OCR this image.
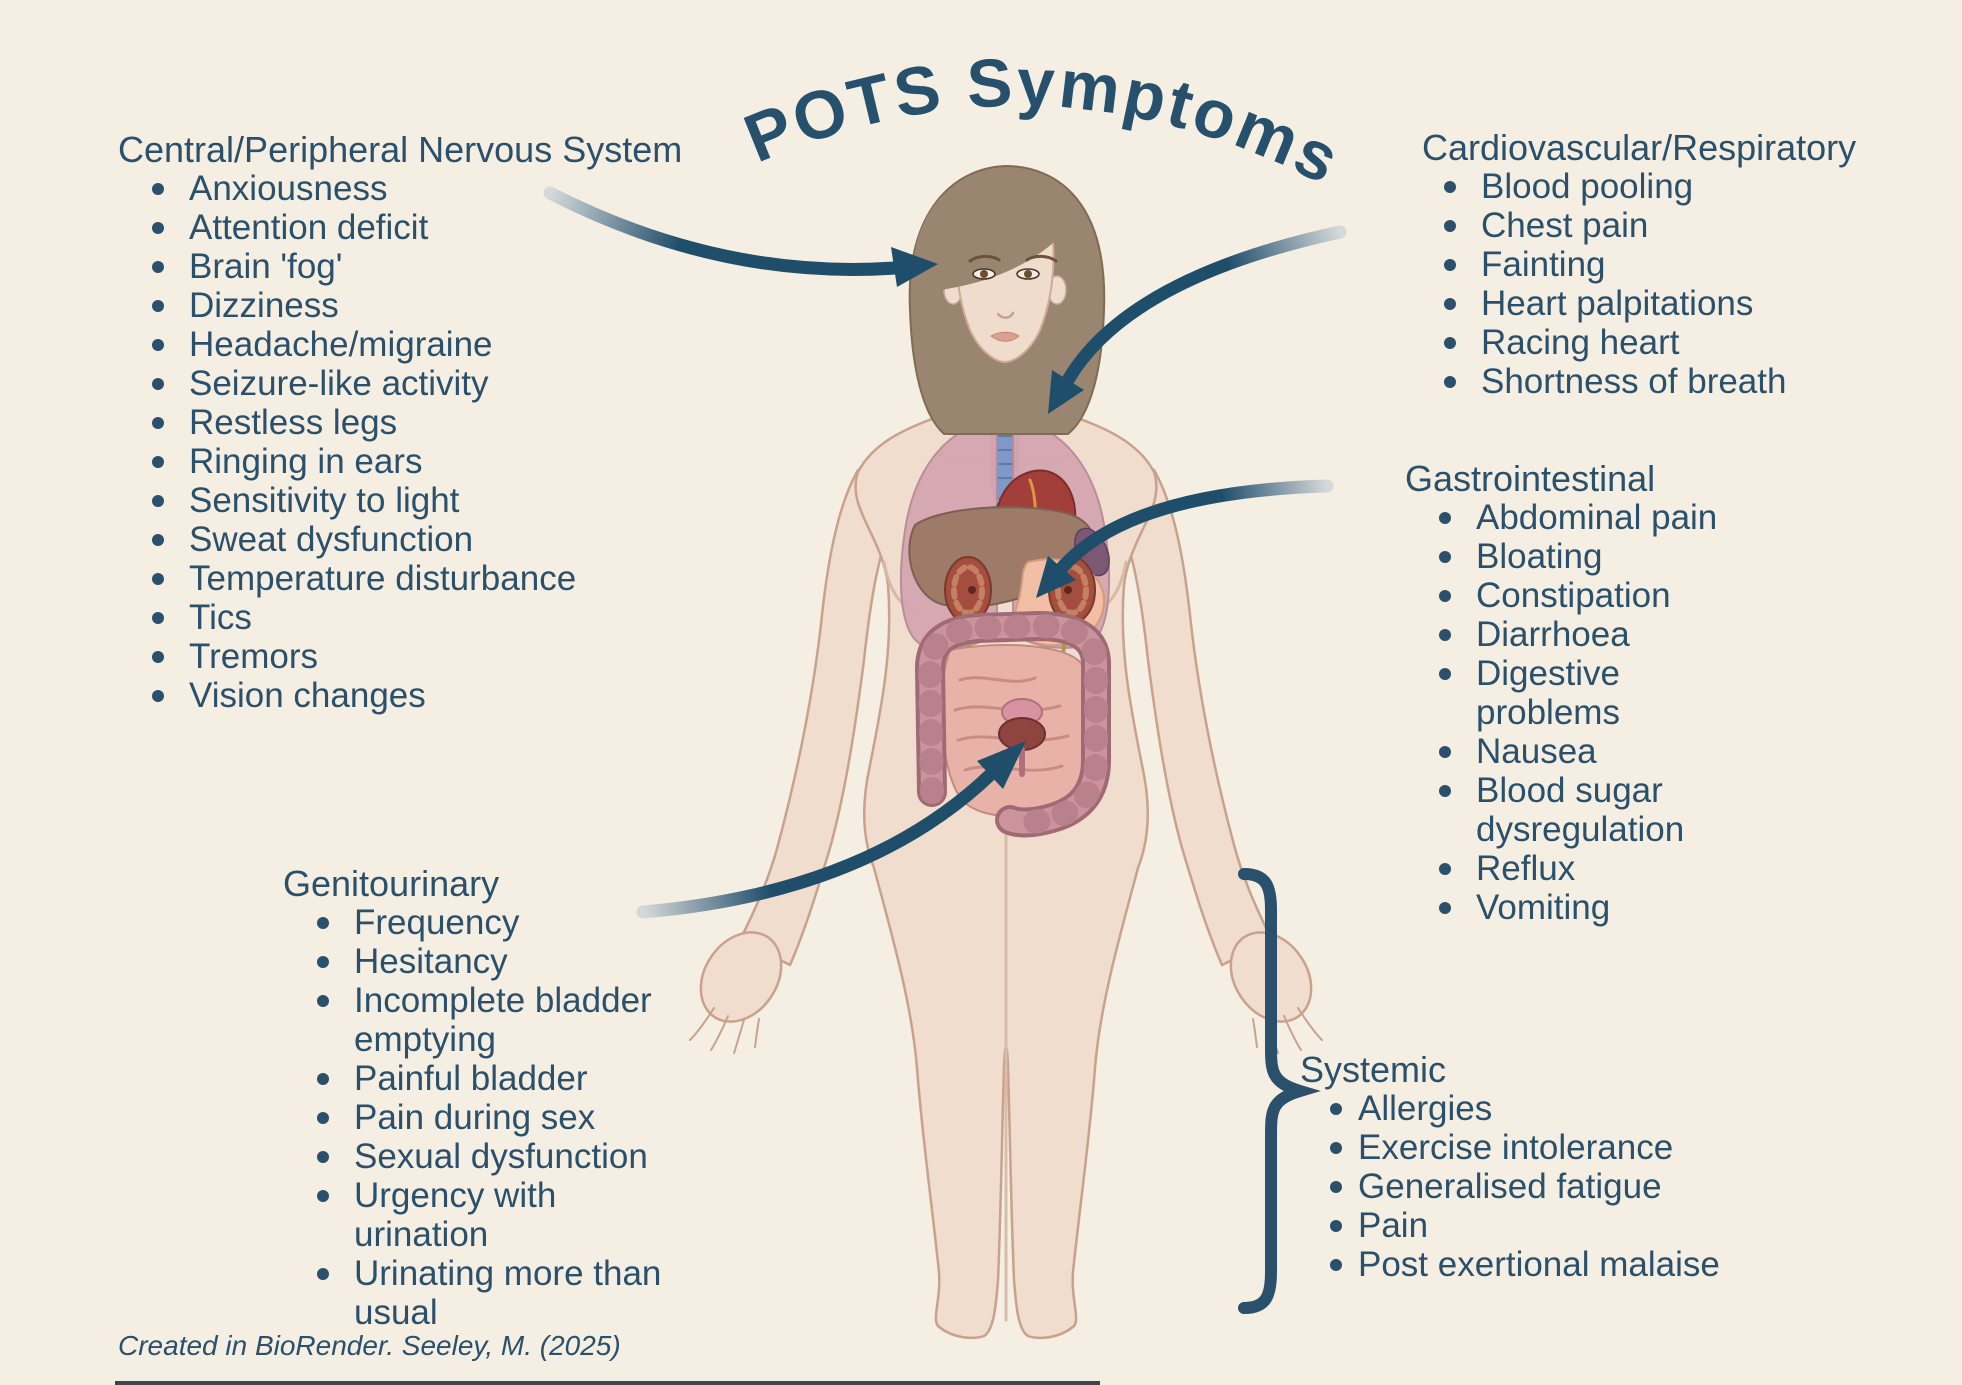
POTS Symptoms
Central/Peripheral Nervous System
Anxiousness
Attention deficit
Brain 'fog'
Dizziness
Headache/migraine
Seizure-like activity
Restless legs
Ringing in ears
Sensitivity to light
Sweat dysfunction
Temperature disturbance
Tics
Tremors
Vision changes
Cardiovascular/Respiratory
Blood pooling
Chest pain
Fainting
Heart palpitations
Racing heart
Shortness of breath
Gastrointestinal
Abdominal pain
Bloating
Constipation
Diarrhoea
Digestive problems
Nausea
Blood sugar dysregulation
Reflux
Vomiting
Genitourinary
Frequency
Hesitancy
Incomplete bladder emptying
Painful bladder
Pain during sex
Sexual dysfunction
Urgency with urination
Urinating more than usual
Systemic
Allergies
Exercise intolerance
Generalised fatigue
Pain
Post exertional malaise
Created in BioRender. Seeley, M. (2025)
